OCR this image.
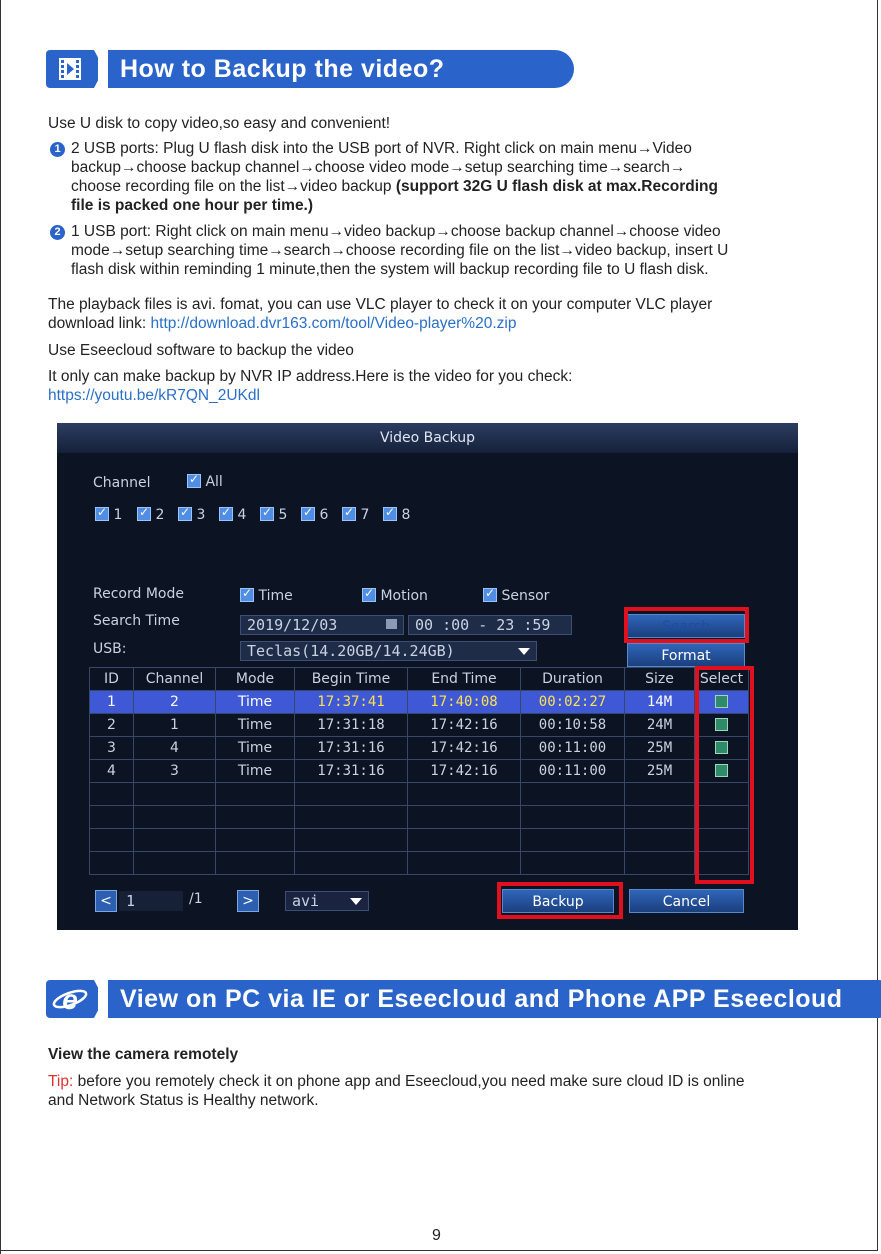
How to Backup the video?
Use U disk to copy video,so easy and convenient!
1 2 USB ports: Plug U flash disk into the USB port of NVR. Right click on main menu→Video
backup→choose backup channel→choose video mode→setup searching time→search→
choose recording file on the list→video backup (support 32G U flash disk at max.Recording
file is packed one hour per time.)
2 1 USB port: Right click on main menu→video backup→choose backup channel→choose video
mode→setup searching time→search→choose recording file on the list→video backup, insert U
flash disk within reminding 1 minute,then the system will backup recording file to U flash disk.
The playback files is avi. fomat, you can use VLC player to check it on your computer VLC player
download link: http://download.dvr163.com/tool/Video-player%20.zip
Use Eseecloud software to backup the video
It only can make backup by NVR IP address.Here is the video for you check:
https://youtu.be/kR7QN_2UKdl
Video Backup
Channel ✓	All
✓ 1 ✓	2 ✓	3 ✓	4 ✓	5 ✓	6 ✓	7 ✓	8
Record Mode ✓	Time ✓	Motion ✓	Sensor
Search Time	2019/12/03	00 :00 - 23 :59	Search
USB:	Teclas(14.20GB/14.24GB)	Format
ID	Channel	Mode	Begin Time	End Time	Duration	Size	Select
1	2	Time	17:37:41	17:40:08	00:02:27	14M	
2	1	Time	17:31:18	17:42:16	00:10:58	24M	
3	4	Time	17:31:16	17:42:16	00:11:00	25M	
4	3	Time	17:31:16	17:42:16	00:11:00	25M	

< 1	/1	>	avi	Backup	Cancel
e	View on PC via IE or Eseecloud and Phone APP Eseecloud
View the camera remotely
Tip: before you remotely check it on phone app and Eseecloud,you need make sure cloud ID is online
and Network Status is Healthy network.
9
